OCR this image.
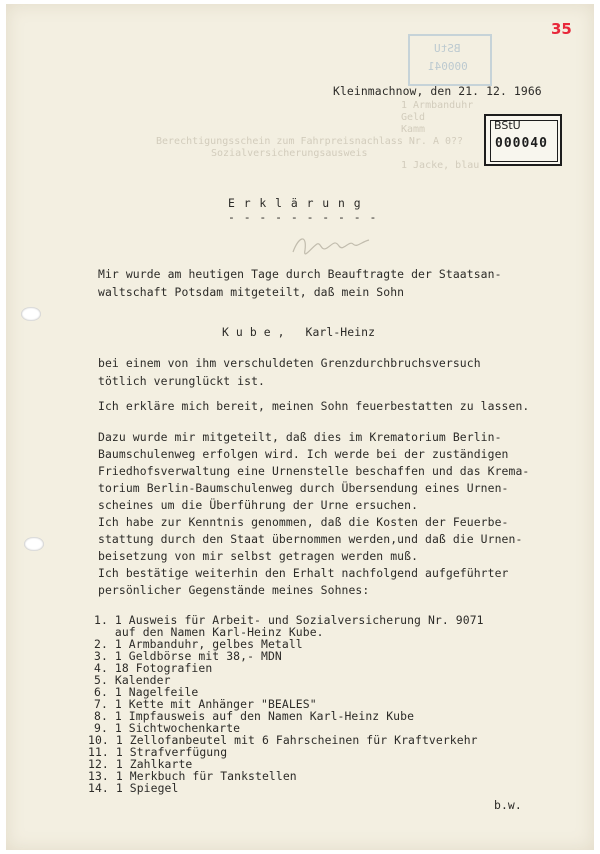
35
BStU
000041
1 Armbanduhr
Geld
Kamm
Berechtigungsschein zum Fahrpreisnachlass Nr. A 0??
Sozialversicherungsausweis
1 Jacke, blau
Kleinmachnow, den 21. 12. 1966
BStU
000040
E r k l ä r u n g
- - - - - - - - - -
Mir wurde am heutigen Tage durch Beauftragte der Staatsan-
waltschaft Potsdam mitgeteilt, daß mein Sohn
K u b e ,   Karl-Heinz
bei einem von ihm verschuldeten Grenzdurchbruchsversuch
tötlich verunglückt ist.
Ich erkläre mich bereit, meinen Sohn feuerbestatten zu lassen.
Dazu wurde mir mitgeteilt, daß dies im Krematorium Berlin-
Baumschulenweg erfolgen wird. Ich werde bei der zuständigen
Friedhofsverwaltung eine Urnenstelle beschaffen und das Krema-
torium Berlin-Baumschulenweg durch Übersendung eines Urnen-
scheines um die Überführung der Urne ersuchen.
Ich habe zur Kenntnis genommen, daß die Kosten der Feuerbe-
stattung durch den Staat übernommen werden,und daß die Urnen-
beisetzung von mir selbst getragen werden muß.
Ich bestätige weiterhin den Erhalt nachfolgend aufgeführter
persönlicher Gegenstände meines Sohnes:
1. 1 Ausweis für Arbeit- und Sozialversicherung Nr. 9071
auf den Namen Karl-Heinz Kube.
2. 1 Armbanduhr, gelbes Metall
3. 1 Geldbörse mit 38,- MDN
4. 18 Fotografien
5. Kalender
6. 1 Nagelfeile
7. 1 Kette mit Anhänger "BEALES"
8. 1 Impfausweis auf den Namen Karl-Heinz Kube
9. 1 Sichtwochenkarte
10. 1 Zellofanbeutel mit 6 Fahrscheinen für Kraftverkehr
11. 1 Strafverfügung
12. 1 Zahlkarte
13. 1 Merkbuch für Tankstellen
14. 1 Spiegel
b.w.
